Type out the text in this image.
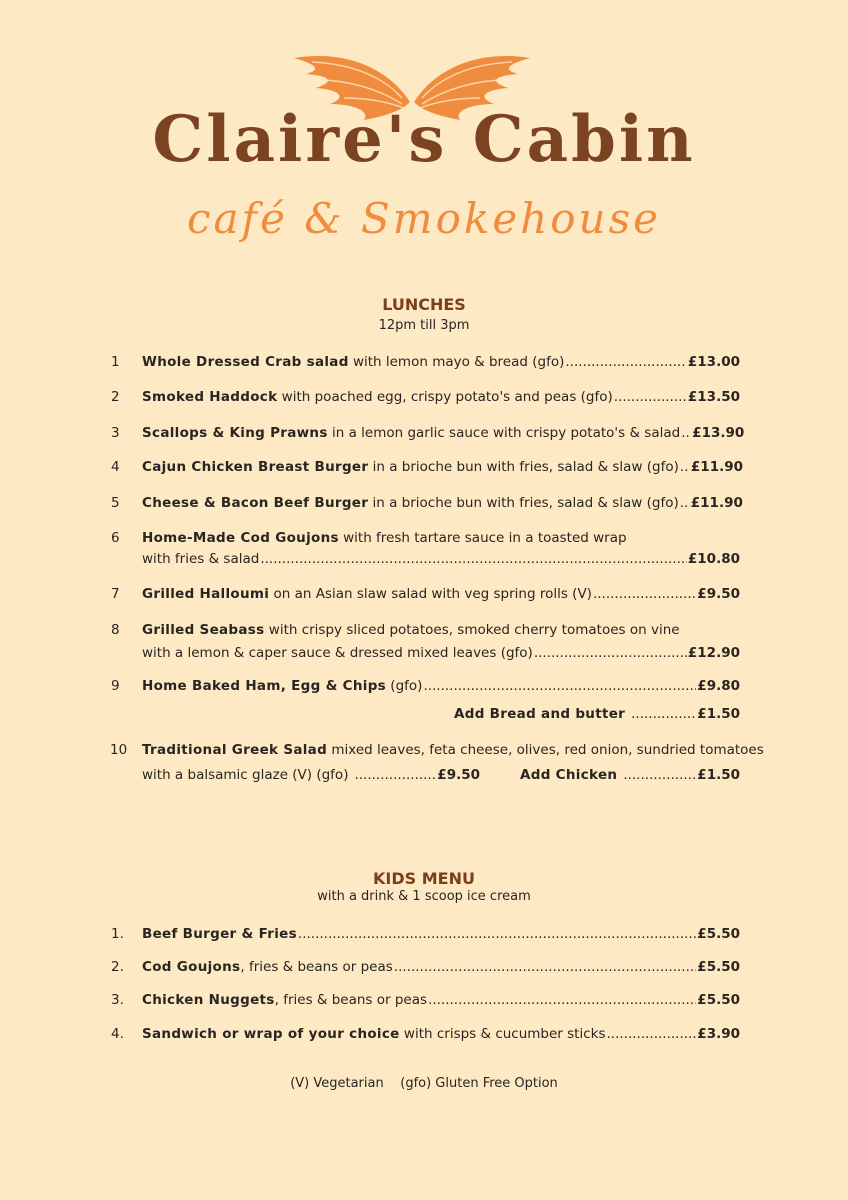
Claire's Cabin
café & Smokehouse
LUNCHES
12pm till 3pm
1 Whole Dressed Crab salad with lemon mayo & bread (gfo) .....	£13.00
2 Smoked Haddock with poached egg, crispy potato's and peas (gfo) .....	£13.50
3 Scallops & King Prawns in a lemon garlic sauce with crispy potato's & salad ..... £13.90
4 Cajun Chicken Breast Burger in a brioche bun with fries, salad & slaw (gfo) ..... £11.90
5 Cheese & Bacon Beef Burger in a brioche bun with fries, salad & slaw (gfo) ..... £11.90
6 Home-Made Cod Goujons with fresh tartare sauce in a toasted wrap
with fries & salad .....	£10.80
7 Grilled Halloumi on an Asian slaw salad with veg spring rolls (V) .....	£9.50
8 Grilled Seabass with crispy sliced potatoes, smoked cherry tomatoes on vine
with a lemon & caper sauce & dressed mixed leaves (gfo) .....	£12.90
9 Home Baked Ham, Egg & Chips (gfo) .....	£9.80
Add Bread and butter .....	£1.50
10 Traditional Greek Salad mixed leaves, feta cheese, olives, red onion, sundried tomatoes
with a balsamic glaze (V) (gfo) .....	£9.50	Add Chicken .....	£1.50
KIDS MENU
with a drink & 1 scoop ice cream
1. Beef Burger & Fries .....	£5.50
2. Cod Goujons , fries & beans or peas .....	£5.50
3. Chicken Nuggets , fries & beans or peas .....	£5.50
4. Sandwich or wrap of your choice with crisps & cucumber sticks .....	£3.90
(V) Vegetarian    (gfo) Gluten Free Option
